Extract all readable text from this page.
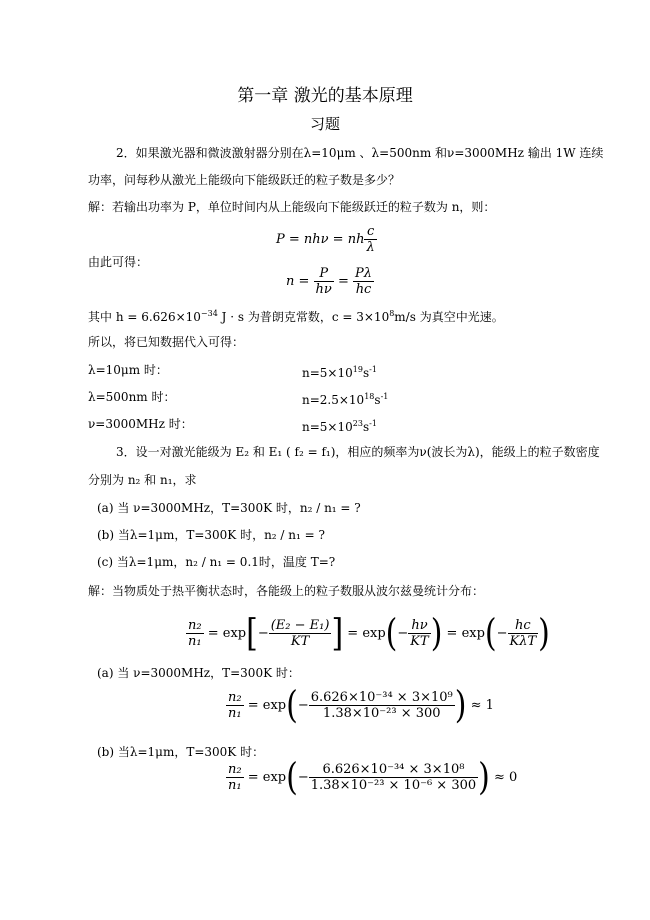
第一章 激光的基本原理
习题
2．如果激光器和微波激射器分别在λ=10μm 、λ=500nm 和ν=3000MHz 输出 1W 连续
功率，问每秒从激光上能级向下能级跃迁的粒子数是多少？
解：若输出功率为 P，单位时间内从上能级向下能级跃迁的粒子数为 n，则：
P = nhν = nh $\frac{c}{\lambda}$
由此可得：
n =
$\frac{P}{h\nu}$
=
$\frac{P\lambda}{hc}$
其中 $h = 6.626\times 10^{-34}$ J · s 为普朗克常数，$c = 3\times 10^8m/s$ 为真空中光速。
所以，将已知数据代入可得：
λ=10μm 时：	$n=5\times 10^{19}s^{-1}$
λ=500nm 时：	$n=2.5\times 10^{18}s^{-1}$
ν=3000MHz 时：	$n=5\times 10^{23}s^{-1}$
3．设一对激光能级为 E₂ 和 E₁ ( f₂ = f₁)，相应的频率为ν(波长为λ)，能级上的粒子数密度
分别为 n₂ 和 n₁，求
(a) 当 ν=3000MHz，T=300K 时，n₂ / n₁ = ?
(b) 当λ=1μm，T=300K 时，n₂ / n₁ = ?
(c) 当λ=1μm，n₂ / n₁ = 0.1时，温度 T=?
解：当物质处于热平衡状态时，各能级上的粒子数服从波尔兹曼统计分布：
$\frac{\text{n₂}}{\text{n₁}}$
= exp [ − $\frac{\text{(E₂ − E₁)}}{KT}$ ]
= exp ( − $\frac{h\nu}{KT}$ )
= exp ( − $\frac{hc}{\text{KλT}}$ )
(a) 当 ν=3000MHz，T=300K 时：
$\frac{\text{n₂}}{\text{n₁}}$
= exp ( − $\frac{\text{6.626×10⁻³⁴ × 3×10⁹}}{\text{1.38×10⁻²³ × 300}}$ )
≈ 1
(b) 当λ=1μm，T=300K 时：
$\frac{\text{n₂}}{\text{n₁}}$
= exp ( − $\frac{\text{6.626×10⁻³⁴ × 3×10⁸}}{\text{1.38×10⁻²³ × 10⁻⁶ × 300}}$ )
≈ 0
